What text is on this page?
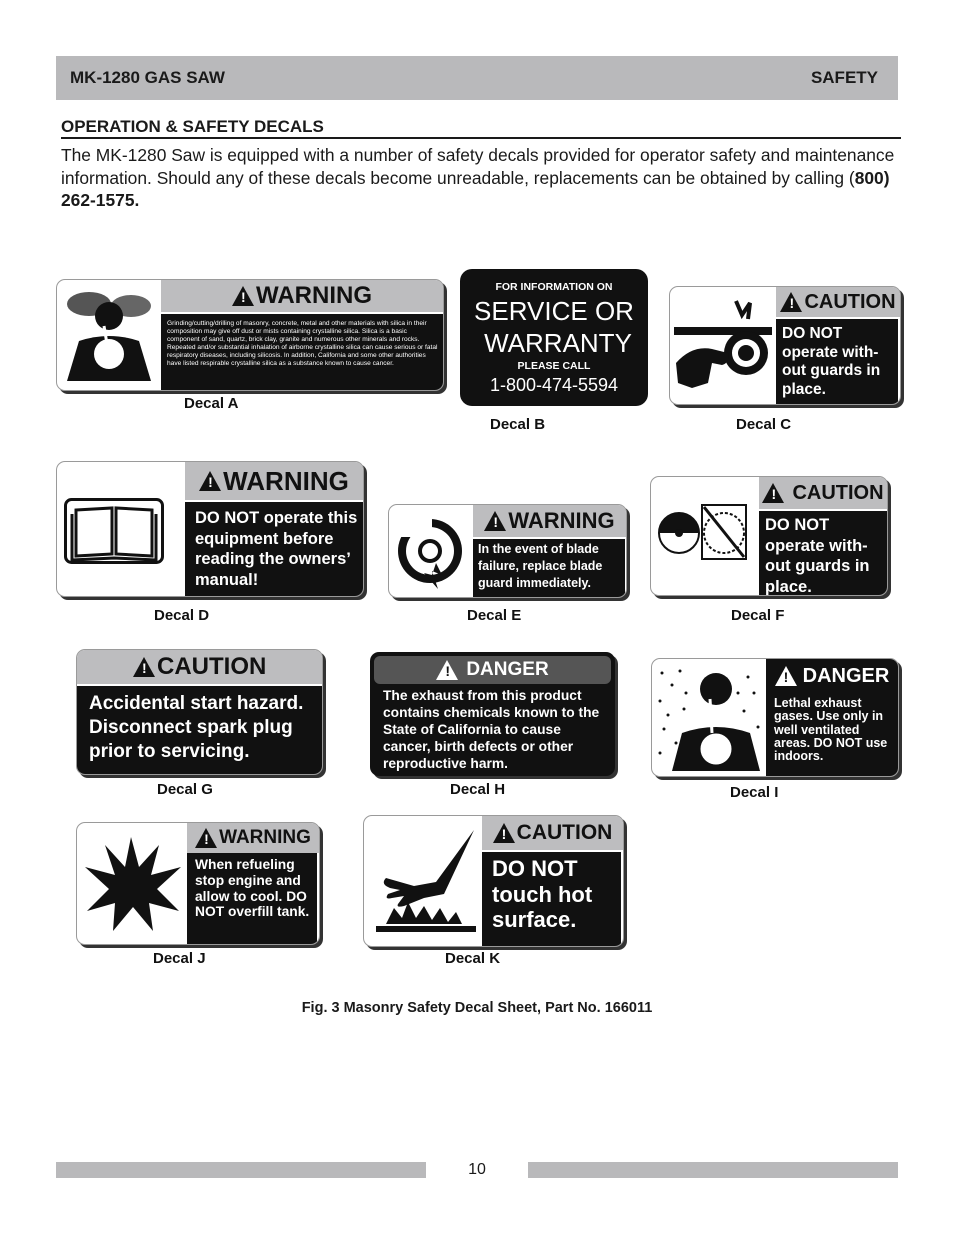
MK-1280 GAS SAW	SAFETY
OPERATION & SAFETY DECALS
The MK-1280 Saw is equipped with a number of safety decals provided for operator safety and maintenance information. Should any of these decals become unreadable, replacements can be obtained by calling (800) 262-1575.
!
WARNING
Grinding/cutting/drilling of masonry, concrete, metal and other materials with silica in their composition may give off dust or mists containing crystalline silica. Silica is a basic component of sand, quartz, brick clay, granite and numerous other minerals and rocks. Repeated and/or substantial inhalation of airborne crystalline silica can cause serious or fatal respiratory diseases, including silicosis. In addition, California and some other authorities have listed respirable crystalline silica as a substance known to cause cancer.
Decal A
FOR INFORMATION ON
SERVICE OR
WARRANTY
PLEASE CALL
1-800-474-5594
Decal B
!
CAUTION
DO NOT operate with-out guards in place.
Decal C
!
WARNING
DO NOT operate this equipment before reading the owners’ manual!
Decal D
!
WARNING
In the event of blade failure, replace blade guard immediately.
Decal E
!
CAUTION
DO NOT operate with-out guards in place.
Decal F
!
CAUTION
Accidental start hazard. Disconnect spark plug prior to servicing.
Decal G
!
DANGER
The exhaust from this product contains chemicals known to the State of California to cause cancer, birth defects or other reproductive harm.
Decal H
!
DANGER
Lethal exhaust gases. Use only in well ventilated areas. DO NOT use indoors.
Decal I
!
WARNING
When refueling stop engine and allow to cool. DO NOT overfill tank.
Decal J
!
CAUTION
DO NOT touch hot surface.
Decal K
Fig. 3 Masonry Safety Decal Sheet, Part No. 166011
10
